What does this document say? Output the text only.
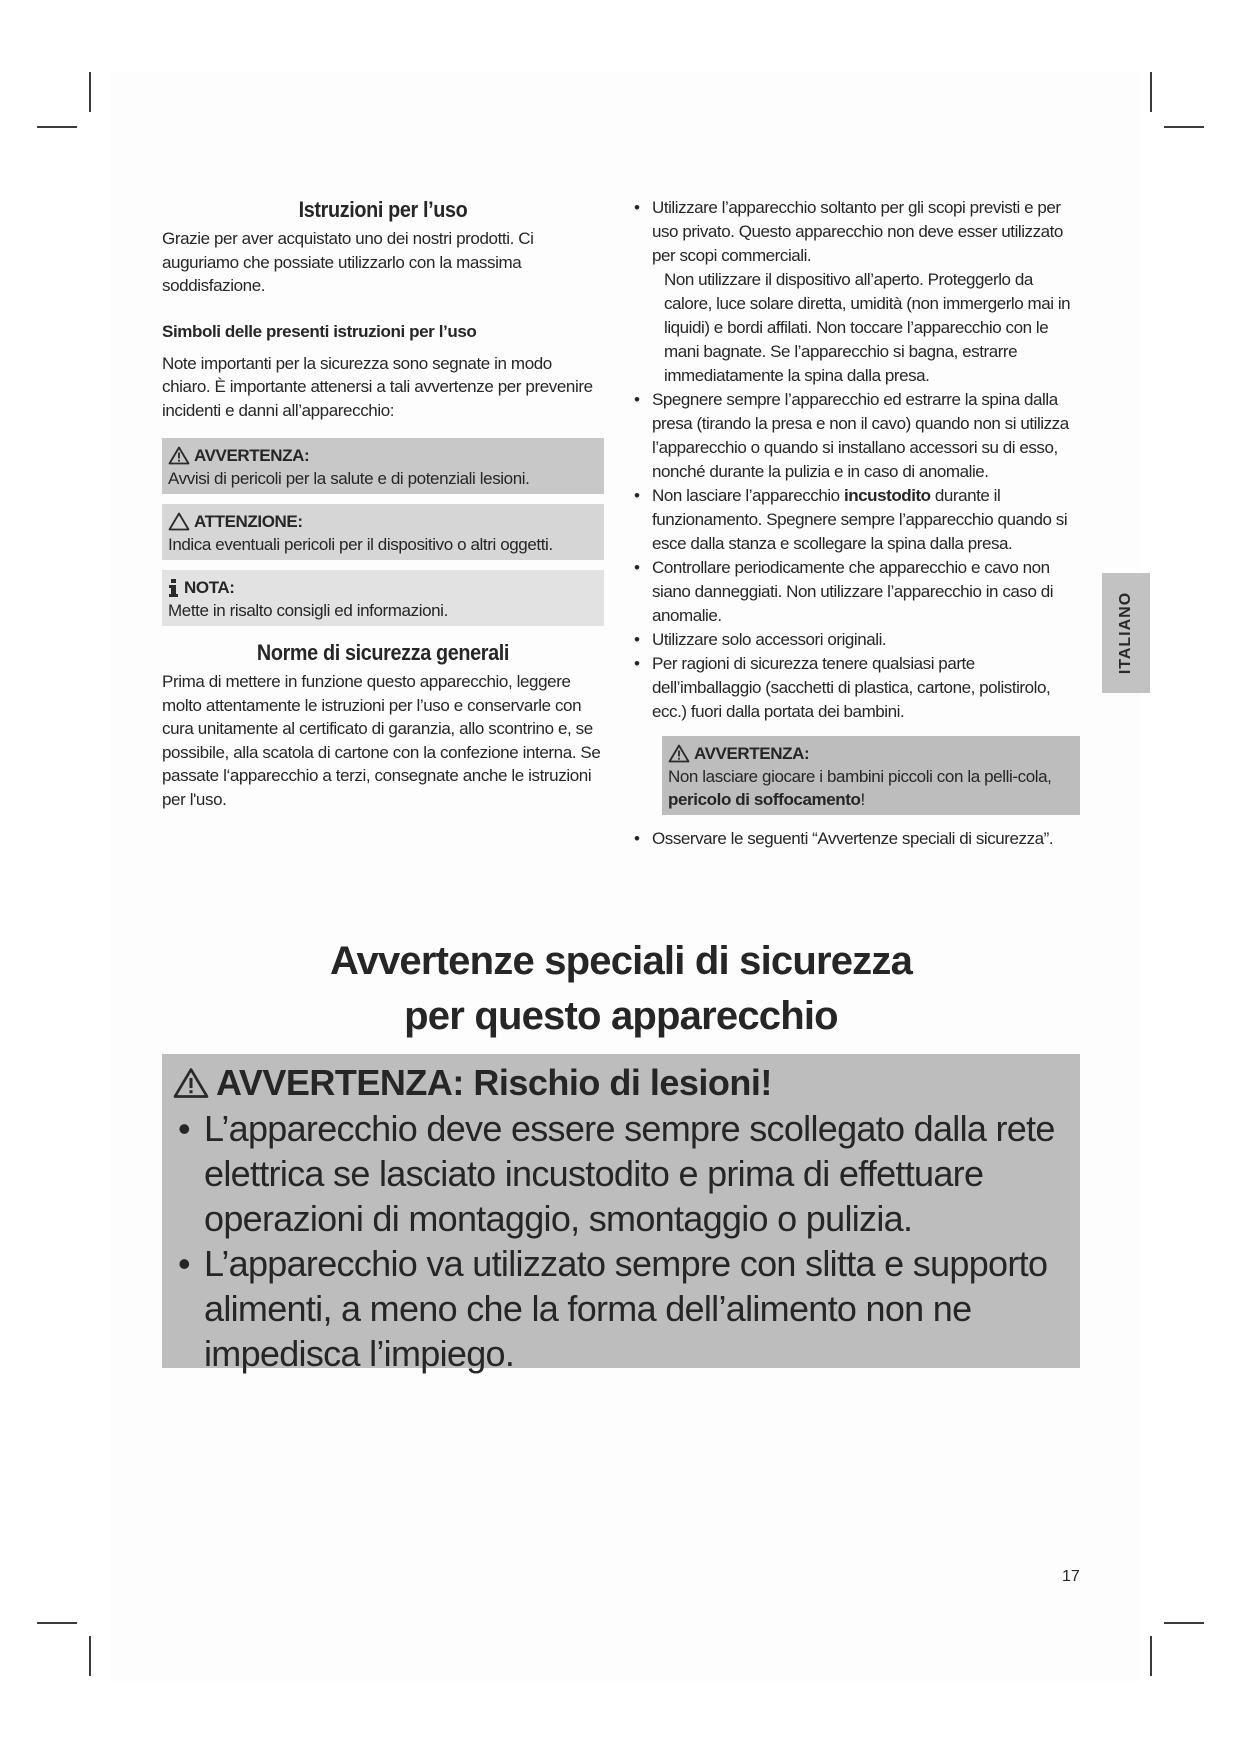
Istruzioni per l’uso

Grazie per aver acquistato uno dei nostri prodotti. Ci auguriamo che possiate utilizzarlo con la massima soddisfazione.

Simboli delle presenti istruzioni per l’uso

Note importanti per la sicurezza sono segnate in modo chiaro. È importante attenersi a tali avvertenze per prevenire incidenti e danni all’apparecchio:

AVVERTENZA:
Avvisi di pericoli per la salute e di potenziali lesioni.
ATTENZIONE:
Indica eventuali pericoli per il dispositivo o altri oggetti.
NOTA:
Mette in risalto consigli ed informazioni.
Norme di sicurezza generali

Prima di mettere in funzione questo apparecchio, leggere molto attentamente le istruzioni per l’uso e conservarle con cura unitamente al certificato di garanzia, allo scontrino e, se possibile, alla scatola di cartone con la confezione interna. Se passate l‘apparecchio a terzi, consegnate anche le istruzioni per l'uso.

• Utilizzare l’apparecchio soltanto per gli scopi previsti e per uso privato. Questo apparecchio non deve esser utilizzato per scopi commerciali.
Non utilizzare il dispositivo all’aperto. Proteggerlo da calore, luce solare diretta, umidità (non immergerlo mai in liquidi) e bordi affilati. Non toccare l’apparecchio con le mani bagnate. Se l’apparecchio si bagna, estrarre immediatamente la spina dalla presa.
• Spegnere sempre l’apparecchio ed estrarre la spina dalla presa (tirando la presa e non il cavo) quando non si utilizza l’apparecchio o quando si installano accessori su di esso, nonché durante la pulizia e in caso di anomalie.
• Non lasciare l’apparecchio incustodito durante il funzionamento. Spegnere sempre l’apparecchio quando si esce dalla stanza e scollegare la spina dalla presa.
• Controllare periodicamente che apparecchio e cavo non siano danneggiati. Non utilizzare l’apparecchio in caso di anomalie.
• Utilizzare solo accessori originali.
• Per ragioni di sicurezza tenere qualsiasi parte dell’imballaggio (sacchetti di plastica, cartone, polistirolo, ecc.) fuori dalla portata dei bambini.
AVVERTENZA:
Non lasciare giocare i bambini piccoli con la pelli-cola, pericolo di soffocamento!
• Osservare le seguenti “Avvertenze speciali di sicurezza”.
ITALIANO
Avvertenze speciali di sicurezza
per questo apparecchio
AVVERTENZA: Rischio di lesioni!
• L’apparecchio deve essere sempre scollegato dalla rete elettrica se lasciato incustodito e prima di effettuare operazioni di montaggio, smontaggio o pulizia.
• L’apparecchio va utilizzato sempre con slitta e supporto alimenti, a meno che la forma dell’alimento non ne impedisca l’impiego.
17
